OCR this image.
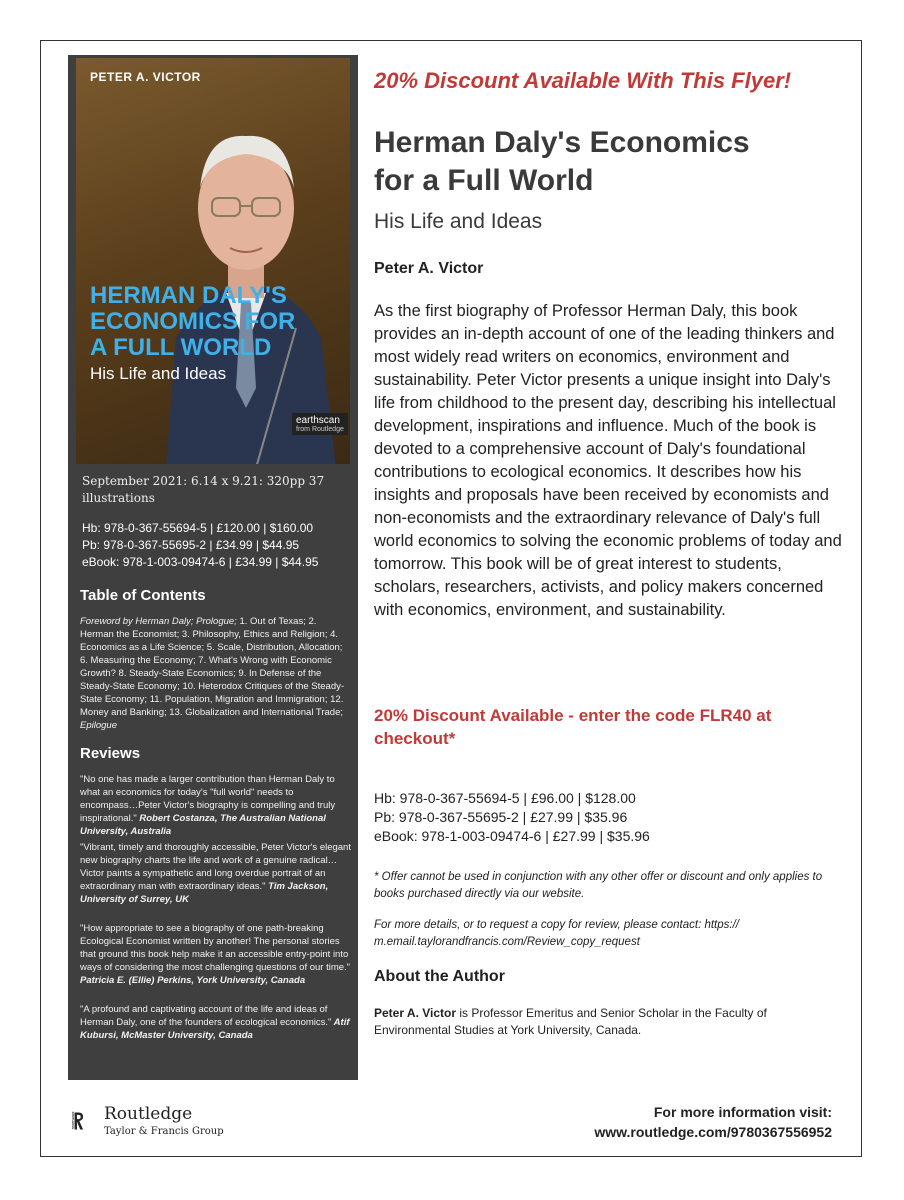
PETER A. VICTOR
HERMAN DALY'S
ECONOMICS FOR
A FULL WORLD
His Life and Ideas
earthscan
from Routledge
September 2021: 6.14 x 9.21: 320pp 37 illustrations
Hb: 978-0-367-55694-5 | £120.00 | $160.00
Pb: 978-0-367-55695-2 | £34.99 | $44.95
eBook: 978-1-003-09474-6 | £34.99 | $44.95
Table of Contents
Foreword by Herman Daly; Prologue; 1. Out of Texas; 2. Herman the Economist; 3. Philosophy, Ethics and Religion; 4. Economics as a Life Science; 5. Scale, Distribution, Allocation; 6. Measuring the Economy; 7. What's Wrong with Economic Growth? 8. Steady-State Economics; 9. In Defense of the Steady-State Economy; 10. Heterodox Critiques of the Steady-State Economy; 11. Population, Migration and Immigration; 12. Money and Banking; 13. Globalization and International Trade; Epilogue
Reviews
"No one has made a larger contribution than Herman Daly to what an economics for today's "full world" needs to encompass…Peter Victor's biography is compelling and truly inspirational." Robert Costanza, The Australian National University, Australia
"Vibrant, timely and thoroughly accessible, Peter Victor's elegant new biography charts the life and work of a genuine radical…Victor paints a sympathetic and long overdue portrait of an extraordinary man with extraordinary ideas." Tim Jackson, University of Surrey, UK
"How appropriate to see a biography of one path-breaking Ecological Economist written by another! The personal stories that ground this book help make it an accessible entry-point into ways of considering the most challenging questions of our time." Patricia E. (Ellie) Perkins, York University, Canada
"A profound and captivating account of the life and ideas of Herman Daly, one of the founders of ecological economics." Atif Kubursi, McMaster University, Canada
20% Discount Available With This Flyer!
Herman Daly's Economics
for a Full World
His Life and Ideas
Peter A. Victor
As the first biography of Professor Herman Daly, this book provides an in-depth account of one of the leading thinkers and most widely read writers on economics, environment and sustainability. Peter Victor presents a unique insight into Daly's life from childhood to the present day, describing his intellectual development, inspirations and influence. Much of the book is devoted to a comprehensive account of Daly's foundational contributions to ecological economics. It describes how his insights and proposals have been received by economists and non-economists and the extraordinary relevance of Daly's full world economics to solving the economic problems of today and tomorrow. This book will be of great interest to students, scholars, researchers, activists, and policy makers concerned with economics, environment, and sustainability.
20% Discount Available - enter the code FLR40 at checkout*
Hb: 978-0-367-55694-5 | £96.00 | $128.00
Pb: 978-0-367-55695-2 | £27.99 | $35.96
eBook: 978-1-003-09474-6 | £27.99 | $35.96
* Offer cannot be used in conjunction with any other offer or discount and only applies to books purchased directly via our website.
For more details, or to request a copy for review, please contact: https:// m.email.taylorandfrancis.com/Review_copy_request
About the Author
Peter A. Victor is Professor Emeritus and Senior Scholar in the Faculty of Environmental Studies at York University, Canada.
ROUTLEDGE Routledge
Taylor & Francis Group
For more information visit:
www.routledge.com/9780367556952
